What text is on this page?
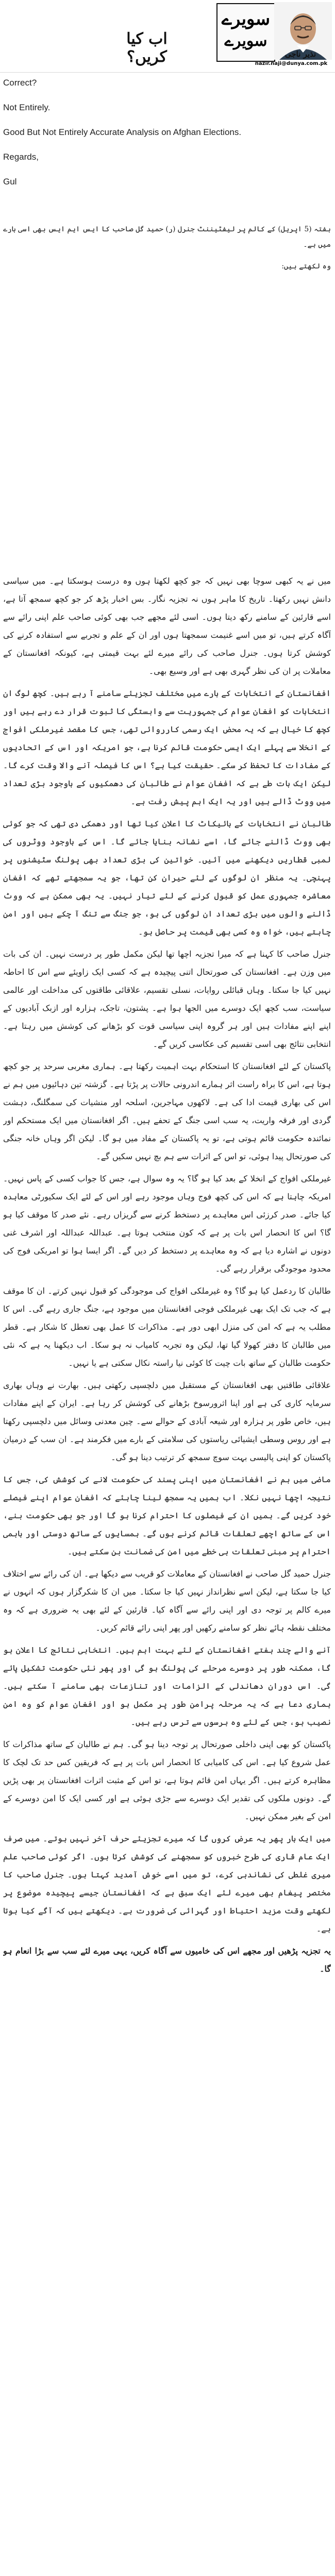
اب کیا کریں؟
سویرے
سویرے
نذیر ناجی
nazir.naji@dunya.com.pk

Correct?

Not Entirely.

Good But Not Entirely Accurate Analysis on Afghan Elections.

Regards,

Gul

ہفتہ (5 اپریل) کے کالم پر لیفٹیننٹ جنرل (ر) حمید گل صاحب کا ایس ایم ایس بھی اسی بارے میں ہے۔

وہ لکھتے ہیں:

میں نے یہ کبھی سوچا بھی نہیں کہ جو کچھ لکھتا ہوں وہ درست ہوسکتا ہے۔ میں سیاسی دانش نہیں رکھتا۔ تاریخ کا ماہر ہوں نہ تجزیہ نگار۔ بس اخبار پڑھ کر جو کچھ سمجھ آتا ہے، اسے قارئین کے سامنے رکھ دیتا ہوں۔ اسی لئے مجھے جب بھی کوئی صاحب علم اپنی رائے سے آگاہ کرتے ہیں، تو میں اسے غنیمت سمجھتا ہوں اور ان کے علم و تجربے سے استفادہ کرنے کی کوشش کرتا ہوں۔ جنرل صاحب کی رائے میرے لئے بہت قیمتی ہے، کیونکہ افغانستان کے معاملات پر ان کی نظر گہری بھی ہے اور وسیع بھی۔

افغانستان کے انتخابات کے بارے میں مختلف تجزیئے سامنے آ رہے ہیں۔ کچھ لوگ ان انتخابات کو افغان عوام کی جمہوریت سے وابستگی کا ثبوت قرار دے رہے ہیں اور کچھ کا خیال ہے کہ یہ محض ایک رسمی کارروائی تھی، جس کا مقصد غیرملکی افواج کے انخلا سے پہلے ایک ایسی حکومت قائم کرنا ہے، جو امریکہ اور اس کے اتحادیوں کے مفادات کا تحفظ کر سکے۔ حقیقت کیا ہے؟ اس کا فیصلہ آنے والا وقت کرے گا۔ لیکن ایک بات طے ہے کہ افغان عوام نے طالبان کی دھمکیوں کے باوجود بڑی تعداد میں ووٹ ڈالے ہیں اور یہ ایک اہم پیش رفت ہے۔

طالبان نے انتخابات کے بائیکاٹ کا اعلان کیا تھا اور دھمکی دی تھی کہ جو کوئی بھی ووٹ ڈالنے جائے گا، اسے نشانہ بنایا جائے گا۔ اس کے باوجود ووٹروں کی لمبی قطاریں دیکھنے میں آئیں۔ خواتین کی بڑی تعداد بھی پولنگ سٹیشنوں پر پہنچی۔ یہ منظر ان لوگوں کے لئے حیران کن تھا، جو یہ سمجھتے تھے کہ افغان معاشرہ جمہوری عمل کو قبول کرنے کے لئے تیار نہیں۔ یہ بھی ممکن ہے کہ ووٹ ڈالنے والوں میں بڑی تعداد ان لوگوں کی ہو، جو جنگ سے تنگ آ چکے ہیں اور امن چاہتے ہیں، خواہ وہ کسی بھی قیمت پر حاصل ہو۔

جنرل صاحب کا کہنا ہے کہ میرا تجزیہ اچھا تھا لیکن مکمل طور پر درست نہیں۔ ان کی بات میں وزن ہے۔ افغانستان کی صورتحال اتنی پیچیدہ ہے کہ کسی ایک زاویئے سے اس کا احاطہ نہیں کیا جا سکتا۔ وہاں قبائلی روایات، نسلی تقسیم، علاقائی طاقتوں کی مداخلت اور عالمی سیاست، سب کچھ ایک دوسرے میں الجھا ہوا ہے۔ پشتون، تاجک، ہزارہ اور ازبک آبادیوں کے اپنے اپنے مفادات ہیں اور ہر گروہ اپنی سیاسی قوت کو بڑھانے کی کوشش میں رہتا ہے۔ انتخابی نتائج بھی اسی تقسیم کی عکاسی کریں گے۔

پاکستان کے لئے افغانستان کا استحکام بہت اہمیت رکھتا ہے۔ ہماری مغربی سرحد پر جو کچھ ہوتا ہے، اس کا براہ راست اثر ہمارے اندرونی حالات پر پڑتا ہے۔ گزشتہ تین دہائیوں میں ہم نے اس کی بھاری قیمت ادا کی ہے۔ لاکھوں مہاجرین، اسلحہ اور منشیات کی سمگلنگ، دہشت گردی اور فرقہ واریت، یہ سب اسی جنگ کے تحفے ہیں۔ اگر افغانستان میں ایک مستحکم اور نمائندہ حکومت قائم ہوتی ہے، تو یہ پاکستان کے مفاد میں ہو گا۔ لیکن اگر وہاں خانہ جنگی کی صورتحال پیدا ہوئی، تو اس کے اثرات سے ہم بچ نہیں سکیں گے۔

غیرملکی افواج کے انخلا کے بعد کیا ہو گا؟ یہ وہ سوال ہے، جس کا جواب کسی کے پاس نہیں۔ امریکہ چاہتا ہے کہ اس کی کچھ فوج وہاں موجود رہے اور اس کے لئے ایک سکیورٹی معاہدہ کیا جائے۔ صدر کرزئی اس معاہدے پر دستخط کرنے سے گریزاں رہے۔ نئے صدر کا موقف کیا ہو گا؟ اس کا انحصار اس بات پر ہے کہ کون منتخب ہوتا ہے۔ عبداللہ عبداللہ اور اشرف غنی دونوں نے اشارہ دیا ہے کہ وہ معاہدے پر دستخط کر دیں گے۔ اگر ایسا ہوا تو امریکی فوج کی محدود موجودگی برقرار رہے گی۔

طالبان کا ردعمل کیا ہو گا؟ وہ غیرملکی افواج کی موجودگی کو قبول نہیں کرتے۔ ان کا موقف ہے کہ جب تک ایک بھی غیرملکی فوجی افغانستان میں موجود ہے، جنگ جاری رہے گی۔ اس کا مطلب یہ ہے کہ امن کی منزل ابھی دور ہے۔ مذاکرات کا عمل بھی تعطل کا شکار ہے۔ قطر میں طالبان کا دفتر کھولا گیا تھا، لیکن وہ تجربہ کامیاب نہ ہو سکا۔ اب دیکھنا یہ ہے کہ نئی حکومت طالبان کے ساتھ بات چیت کا کوئی نیا راستہ نکال سکتی ہے یا نہیں۔

علاقائی طاقتیں بھی افغانستان کے مستقبل میں دلچسپی رکھتی ہیں۔ بھارت نے وہاں بھاری سرمایہ کاری کی ہے اور اپنا اثرورسوخ بڑھانے کی کوشش کر رہا ہے۔ ایران کے اپنے مفادات ہیں، خاص طور پر ہزارہ اور شیعہ آبادی کے حوالے سے۔ چین معدنی وسائل میں دلچسپی رکھتا ہے اور روس وسطی ایشیائی ریاستوں کی سلامتی کے بارے میں فکرمند ہے۔ ان سب کے درمیان پاکستان کو اپنی پالیسی بہت سوچ سمجھ کر ترتیب دینا ہو گی۔

ماضی میں ہم نے افغانستان میں اپنی پسند کی حکومت لانے کی کوشش کی، جس کا نتیجہ اچھا نہیں نکلا۔ اب ہمیں یہ سمجھ لینا چاہئے کہ افغان عوام اپنے فیصلے خود کریں گے۔ ہمیں ان کے فیصلوں کا احترام کرنا ہو گا اور جو بھی حکومت بنے، اس کے ساتھ اچھے تعلقات قائم کرنے ہوں گے۔ ہمسایوں کے ساتھ دوستی اور باہمی احترام پر مبنی تعلقات ہی خطے میں امن کی ضمانت بن سکتے ہیں۔

جنرل حمید گل صاحب نے افغانستان کے معاملات کو قریب سے دیکھا ہے۔ ان کی رائے سے اختلاف کیا جا سکتا ہے، لیکن اسے نظرانداز نہیں کیا جا سکتا۔ میں ان کا شکرگزار ہوں کہ انہوں نے میرے کالم پر توجہ دی اور اپنی رائے سے آگاہ کیا۔ قارئین کے لئے بھی یہ ضروری ہے کہ وہ مختلف نقطہ ہائے نظر کو سامنے رکھیں اور پھر اپنی رائے قائم کریں۔

آنے والے چند ہفتے افغانستان کے لئے بہت اہم ہیں۔ انتخابی نتائج کا اعلان ہو گا، ممکنہ طور پر دوسرے مرحلے کی پولنگ ہو گی اور پھر نئی حکومت تشکیل پائے گی۔ اس دوران دھاندلی کے الزامات اور تنازعات بھی سامنے آ سکتے ہیں۔ ہماری دعا ہے کہ یہ مرحلہ پرامن طور پر مکمل ہو اور افغان عوام کو وہ امن نصیب ہو، جس کے لئے وہ برسوں سے ترس رہے ہیں۔

پاکستان کو بھی اپنی داخلی صورتحال پر توجہ دینا ہو گی۔ ہم نے طالبان کے ساتھ مذاکرات کا عمل شروع کیا ہے۔ اس کی کامیابی کا انحصار اس بات پر ہے کہ فریقین کس حد تک لچک کا مظاہرہ کرتے ہیں۔ اگر یہاں امن قائم ہوتا ہے، تو اس کے مثبت اثرات افغانستان پر بھی پڑیں گے۔ دونوں ملکوں کی تقدیر ایک دوسرے سے جڑی ہوئی ہے اور کسی ایک کا امن دوسرے کے امن کے بغیر ممکن نہیں۔

میں ایک بار پھر یہ عرض کروں گا کہ میرے تجزیئے حرف آخر نہیں ہوتے۔ میں صرف ایک عام قاری کی طرح خبروں کو سمجھنے کی کوشش کرتا ہوں۔ اگر کوئی صاحب علم میری غلطی کی نشاندہی کرے، تو میں اسے خوش آمدید کہتا ہوں۔ جنرل صاحب کا مختصر پیغام بھی میرے لئے ایک سبق ہے کہ افغانستان جیسے پیچیدہ موضوع پر لکھتے وقت مزید احتیاط اور گہرائی کی ضرورت ہے۔ دیکھتے ہیں کہ آگے کیا ہوتا ہے۔

یہ تجزیہ پڑھیں اور مجھے اس کی خامیوں سے آگاہ کریں، یہی میرے لئے سب سے بڑا انعام ہو گا۔
